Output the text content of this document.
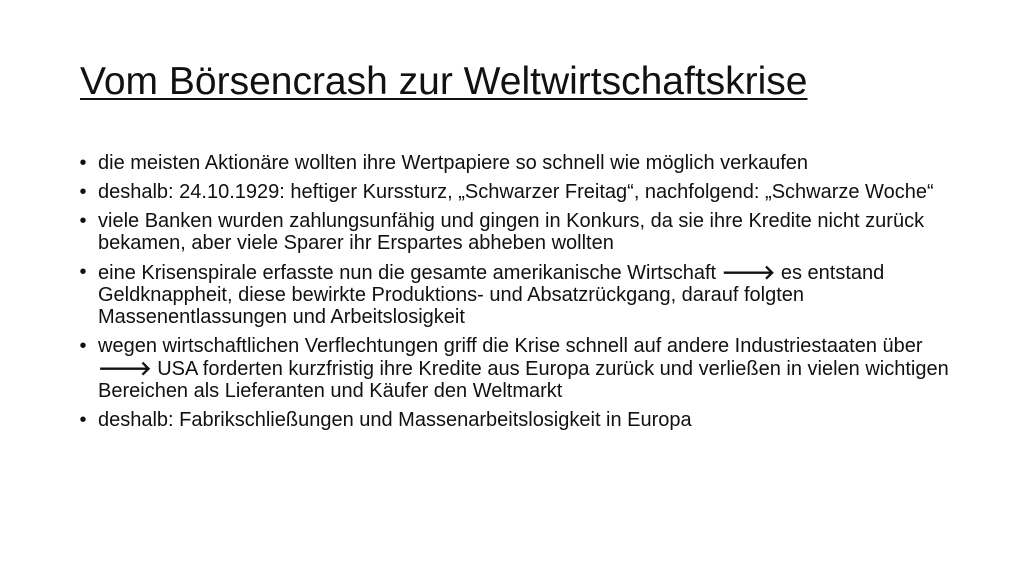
Vom Börsencrash zur Weltwirtschaftskrise
• die meisten Aktionäre wollten ihre Wertpapiere so schnell wie möglich verkaufen
• deshalb: 24.10.1929: heftiger Kurssturz, „Schwarzer Freitag“, nachfolgend: „Schwarze Woche“
• viele Banken wurden zahlungsunfähig und gingen in Konkurs, da sie ihre Kredite nicht zurück bekamen, aber viele Sparer ihr Erspartes abheben wollten
• eine Krisenspirale erfasste nun die gesamte amerikanische Wirtschaft 🡒 es entstand Geldknappheit, diese bewirkte Produktions- und Absatzrückgang, darauf folgten Massenentlassungen und Arbeitslosigkeit
• wegen wirtschaftlichen Verflechtungen griff die Krise schnell auf andere Industriestaaten über 🡒 USA forderten kurzfristig ihre Kredite aus Europa zurück und verließen in vielen wichtigen Bereichen als Lieferanten und Käufer den Weltmarkt
• deshalb: Fabrikschließungen und Massenarbeitslosigkeit in Europa
